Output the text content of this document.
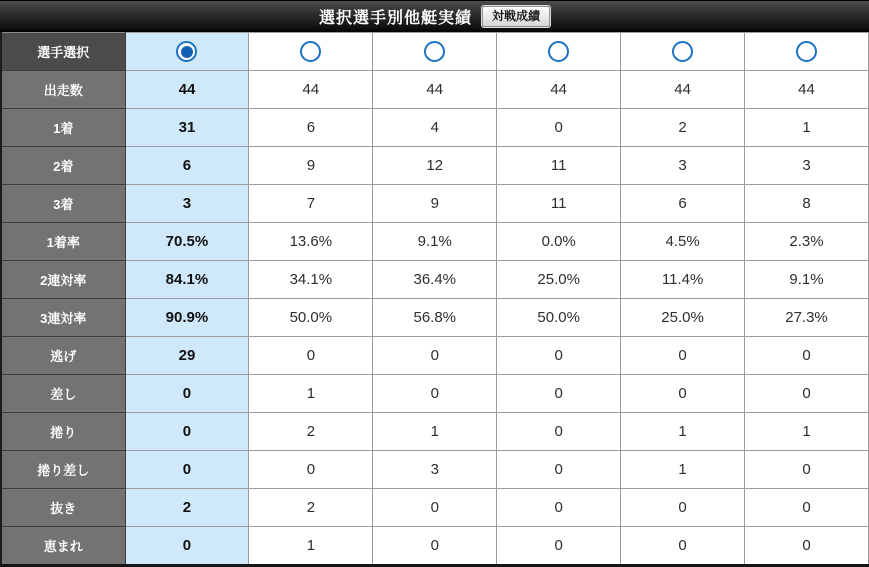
選択選手別他艇実績	対戦成績
選手選択						
出走数	44	44	44	44	44	44
1着	31	6	4	0	2	1
2着	6	9	12	11	3	3
3着	3	7	9	11	6	8
1着率	70.5%	13.6%	9.1%	0.0%	4.5%	2.3%
2連対率	84.1%	34.1%	36.4%	25.0%	11.4%	9.1%
3連対率	90.9%	50.0%	56.8%	50.0%	25.0%	27.3%
逃げ	29	0	0	0	0	0
差し	0	1	0	0	0	0
捲り	0	2	1	0	1	1
捲り差し	0	0	3	0	1	0
抜き	2	2	0	0	0	0
恵まれ	0	1	0	0	0	0
